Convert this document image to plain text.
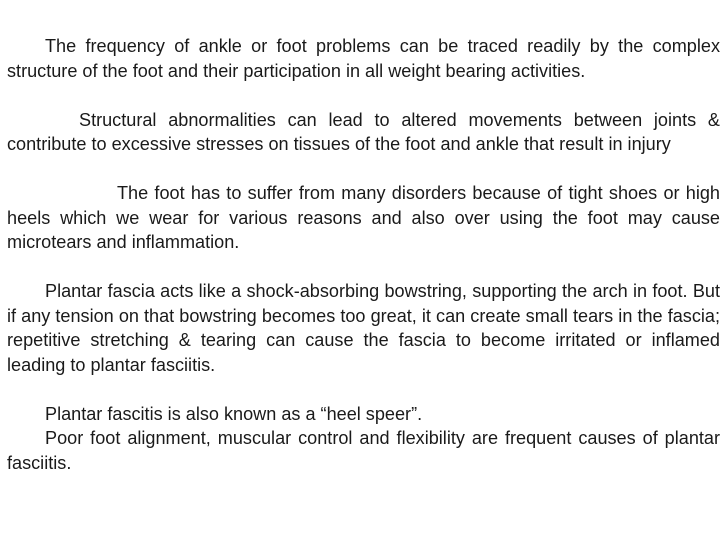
The frequency of ankle or foot problems can be traced readily by the complex structure of the foot and their participation in all weight bearing activities.

Structural abnormalities can lead to altered movements between joints & contribute to excessive stresses on tissues of the foot and ankle that result in injury

The foot has to suffer from many disorders because of tight shoes or high heels which we wear for various reasons and also over using the foot may cause microtears and inflammation.

Plantar fascia acts like a shock-absorbing bowstring, supporting the arch in foot. But if any tension on that bowstring becomes too great, it can create small tears in the fascia; repetitive stretching & tearing can cause the fascia to become irritated or inflamed leading to plantar fasciitis.

Plantar fascitis is also known as a “heel speer”.

Poor foot alignment, muscular control and flexibility are frequent causes of plantar fasciitis.
